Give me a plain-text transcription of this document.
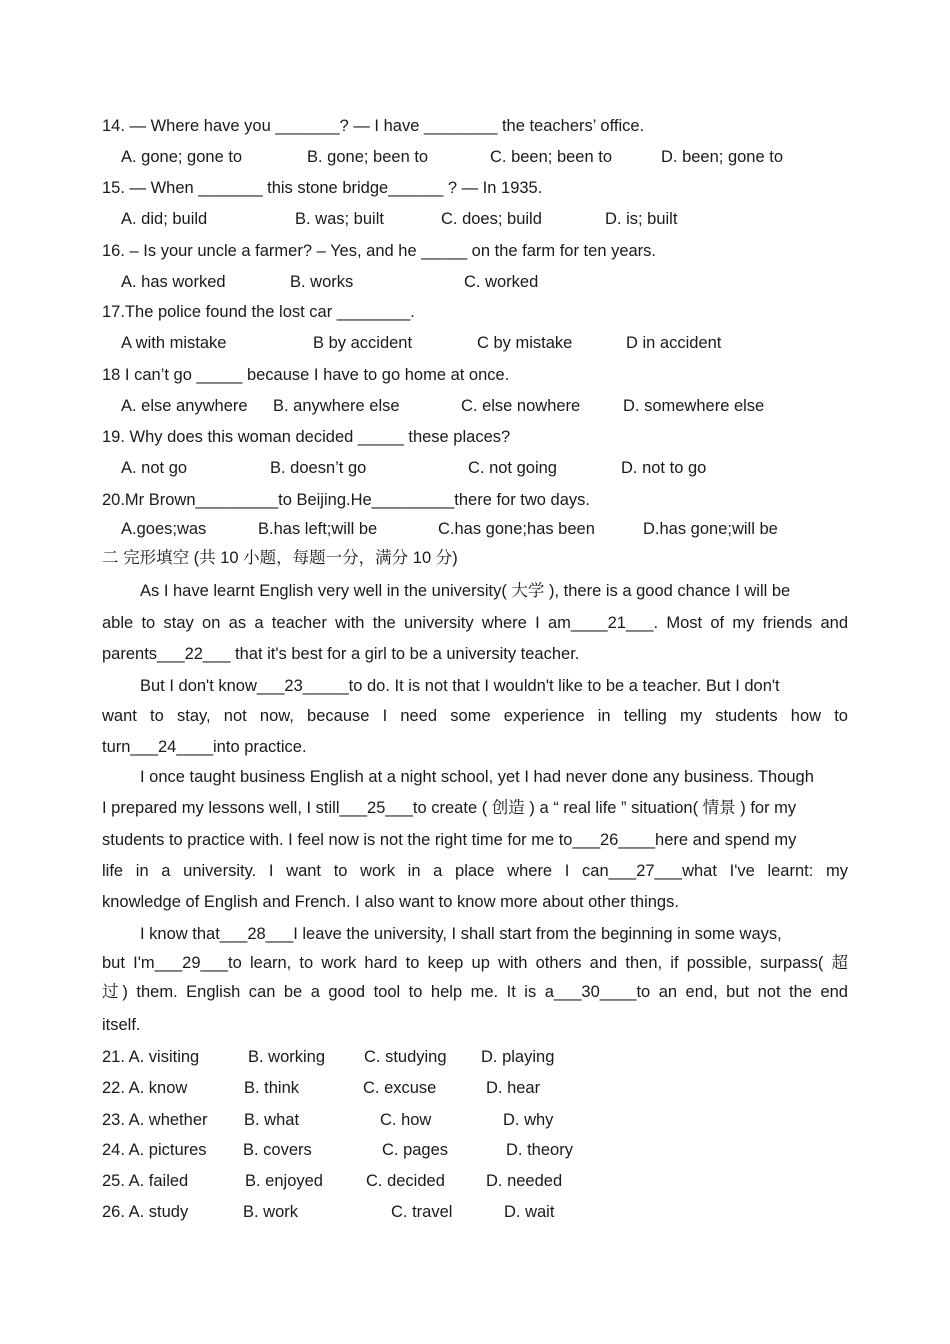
14. — Where have you _______? — I have ________ the teachers’ office.
A. gone; gone to	B. gone; been to	C. been; been to	D. been; gone to
15. — When _______ this stone bridge______ ? — In 1935.
A. did; build	B. was; built	C. does; build	D. is; built
16. – Is your uncle a farmer? – Yes, and he _____ on the farm for ten years.
A. has worked	B. works	C. worked
17.The police found the lost car ________.
A with mistake	B by accident	C by mistake	D in accident
18 I can’t go _____ because I have to go home at once.
A. else anywhere B. anywhere else	C. else nowhere	D. somewhere else
19. Why does this woman decided _____ these places?
A. not go	B. doesn’t go	C. not going	D. not to go
20.Mr Brown_________to Beijing.He_________there for two days.
A.goes;was	B.has left;will be	C.has gone;has been	D.has gone;will be
二 完形填空 (共 10 小题，每题一分，满分 10 分)
As I have learnt English very well in the university( 大学 ), there is a good chance I will be
able to stay on as a teacher with the university where I am____21___. Most of my friends and
parents___22___ that it's best for a girl to be a university teacher.
But I don't know___23_____to do. It is not that I wouldn't like to be a teacher. But I don't
want to stay, not now, because I need some experience in telling my students how to
turn___24____into practice.
I once taught business English at a night school, yet I had never done any business. Though
I prepared my lessons well, I still___25___to create ( 创造 ) a “ real life ” situation( 情景 ) for my
students to practice with. I feel now is not the right time for me to___26____here and spend my
life in a university. I want to work in a place where I can___27___what I've learnt: my
knowledge of English and French. I also want to know more about other things.
I know that___28___I leave the university, I shall start from the beginning in some ways,
but I'm___29___to learn, to work hard to keep up with others and then, if possible, surpass( 超
过) them. English can be a good tool to help me. It is a___30____to an end, but not the end
itself.
21. A. visiting	B. working C. studying D. playing
22. A. know	B. think	C. excuse	D. hear
23. A. whether B. what	C. how	D. why
24. A. pictures B. covers	C. pages	D. theory
25. A. failed	B. enjoyed	C. decided D. needed
26. A. study	B. work	C. travel	D. wait
